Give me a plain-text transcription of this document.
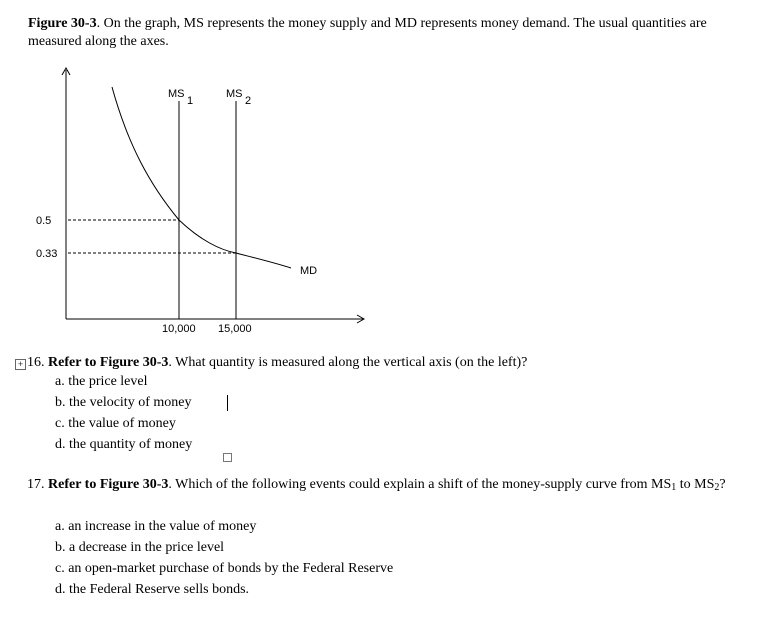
Figure 30-3. On the graph, MS represents the money supply and MD represents money demand. The usual quantities are measured along the axes.
MS
1
MS
2
MD
0.5
0.33
10,000 15,000
+ 16. Refer to Figure 30-3. What quantity is measured along the vertical axis (on the left)?
a. the price level
b. the velocity of money
c. the value of money
d. the quantity of money
17. Refer to Figure 30-3. Which of the following events could explain a shift of the money-supply curve from $MS_1$ to $MS_2$?
a. an increase in the value of money
b. a decrease in the price level
c. an open-market purchase of bonds by the Federal Reserve
d. the Federal Reserve sells bonds.
